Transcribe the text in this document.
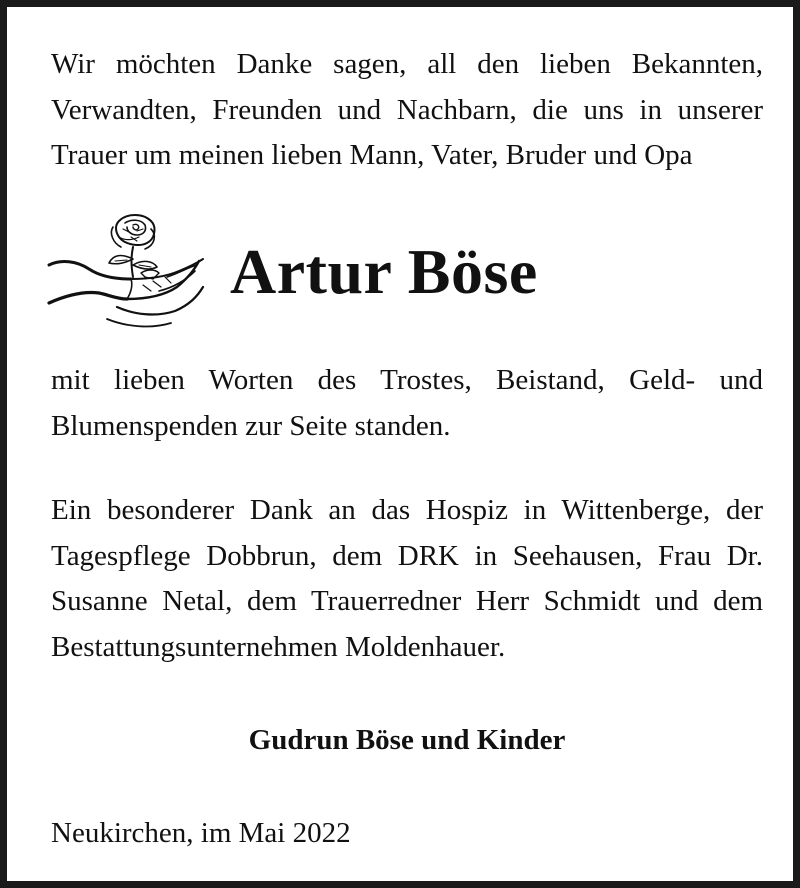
Wir möchten Danke sagen, all den lieben Bekannten, Verwandten, Freunden und Nachbarn, die uns in unserer Trauer um meinen lieben Mann, Vater, Bruder und Opa
Artur Böse
mit lieben Worten des Trostes, Beistand, Geld- und Blumenspenden zur Seite standen.
Ein besonderer Dank an das Hospiz in Wittenberge, der Tagespflege Dobbrun, dem DRK in Seehausen, Frau Dr. Susanne Netal, dem Trauerredner Herr Schmidt und dem Bestattungsunternehmen Moldenhauer.
Gudrun Böse und Kinder
Neukirchen, im Mai 2022
